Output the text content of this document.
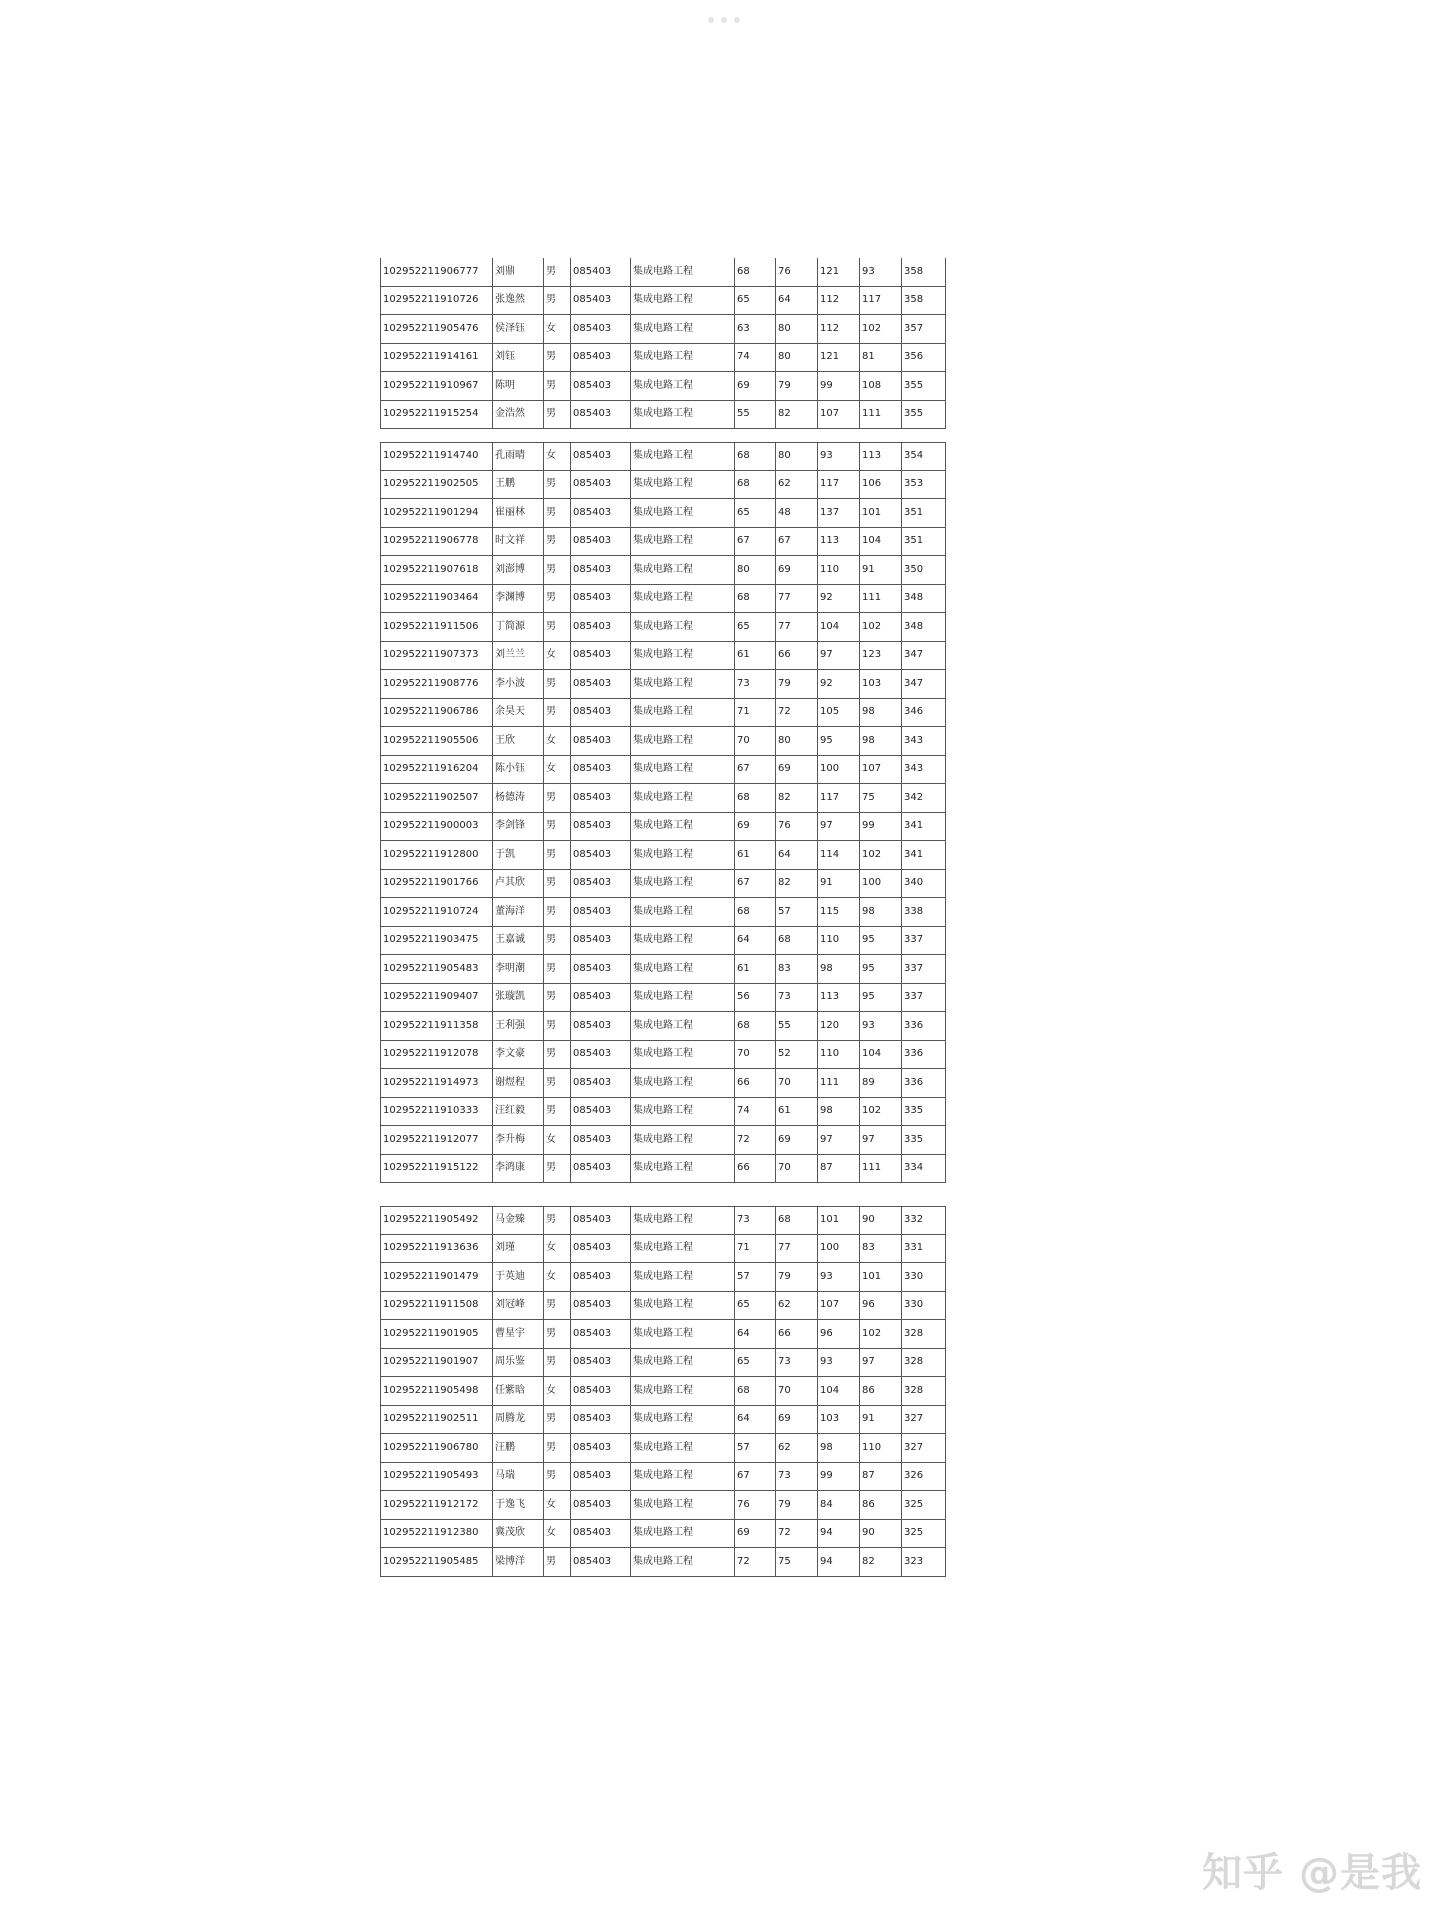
102952211906777	刘鼎	男	085403	集成电路工程	68	76	121	93	358
102952211910726	张逸然	男	085403	集成电路工程	65	64	112	117	358
102952211905476	侯泽钰	女	085403	集成电路工程	63	80	112	102	357
102952211914161	刘钰	男	085403	集成电路工程	74	80	121	81	356
102952211910967	陈明	男	085403	集成电路工程	69	79	99	108	355
102952211915254	金浩然	男	085403	集成电路工程	55	82	107	111	355
102952211914740	孔雨晴	女	085403	集成电路工程	68	80	93	113	354
102952211902505	王鹏	男	085403	集成电路工程	68	62	117	106	353
102952211901294	崔丽林	男	085403	集成电路工程	65	48	137	101	351
102952211906778	时文祥	男	085403	集成电路工程	67	67	113	104	351
102952211907618	刘澎博	男	085403	集成电路工程	80	69	110	91	350
102952211903464	李渊博	男	085403	集成电路工程	68	77	92	111	348
102952211911506	丁简源	男	085403	集成电路工程	65	77	104	102	348
102952211907373	刘兰兰	女	085403	集成电路工程	61	66	97	123	347
102952211908776	李小波	男	085403	集成电路工程	73	79	92	103	347
102952211906786	余昊天	男	085403	集成电路工程	71	72	105	98	346
102952211905506	王欣	女	085403	集成电路工程	70	80	95	98	343
102952211916204	陈小钰	女	085403	集成电路工程	67	69	100	107	343
102952211902507	杨德涛	男	085403	集成电路工程	68	82	117	75	342
102952211900003	李剑锋	男	085403	集成电路工程	69	76	97	99	341
102952211912800	于凯	男	085403	集成电路工程	61	64	114	102	341
102952211901766	卢其欣	男	085403	集成电路工程	67	82	91	100	340
102952211910724	董海洋	男	085403	集成电路工程	68	57	115	98	338
102952211903475	王嘉诚	男	085403	集成电路工程	64	68	110	95	337
102952211905483	李明潮	男	085403	集成电路工程	61	83	98	95	337
102952211909407	张璇凯	男	085403	集成电路工程	56	73	113	95	337
102952211911358	王利强	男	085403	集成电路工程	68	55	120	93	336
102952211912078	李文豪	男	085403	集成电路工程	70	52	110	104	336
102952211914973	谢煜程	男	085403	集成电路工程	66	70	111	89	336
102952211910333	汪红毅	男	085403	集成电路工程	74	61	98	102	335
102952211912077	李升梅	女	085403	集成电路工程	72	69	97	97	335
102952211915122	李鸿康	男	085403	集成电路工程	66	70	87	111	334
102952211905492	马金臻	男	085403	集成电路工程	73	68	101	90	332
102952211913636	刘瑾	女	085403	集成电路工程	71	77	100	83	331
102952211901479	于英迪	女	085403	集成电路工程	57	79	93	101	330
102952211911508	刘冠峰	男	085403	集成电路工程	65	62	107	96	330
102952211901905	曹星宇	男	085403	集成电路工程	64	66	96	102	328
102952211901907	周乐鉴	男	085403	集成电路工程	65	73	93	97	328
102952211905498	任紫晗	女	085403	集成电路工程	68	70	104	86	328
102952211902511	周腾龙	男	085403	集成电路工程	64	69	103	91	327
102952211906780	汪鹏	男	085403	集成电路工程	57	62	98	110	327
102952211905493	马瑞	男	085403	集成电路工程	67	73	99	87	326
102952211912172	于逸飞	女	085403	集成电路工程	76	79	84	86	325
102952211912380	冀茂欣	女	085403	集成电路工程	69	72	94	90	325
102952211905485	梁博洋	男	085403	集成电路工程	72	75	94	82	323
知乎 @是我
